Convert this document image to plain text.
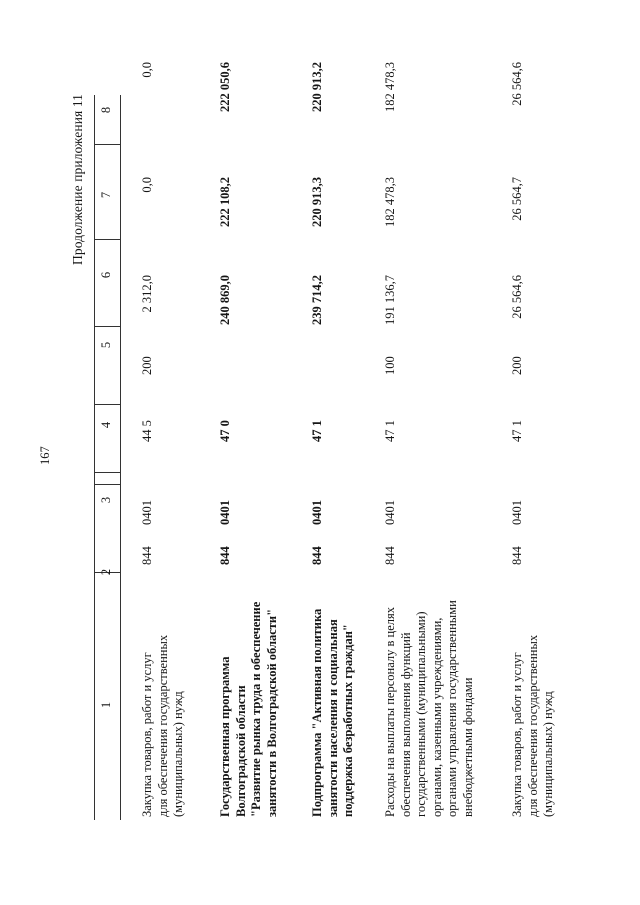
167
Продолжение приложения 11
1
2
3
4
5
6
7
8
Закупка товаров, работ и услуг для обеспечения государственных (муниципальных) нужд
844
0401
44 5
200
2 312,0
0,0
0,0
Государственная программа Волгоградской области "Развитие рынка труда и обеспечение занятости в Волгоградской области"
844
0401
47 0
240 869,0
222 108,2
222 050,6
Подпрограмма "Активная политика занятости населения и социальная поддержка безработных граждан"
844
0401
47 1
239 714,2
220 913,3
220 913,2
Расходы на выплаты персоналу в целях обеспечения выполнения функций государственными (муниципальными) органами, казенными учреждениями, органами управления государственными внебюджетными фондами
844
0401
47 1
100
191 136,7
182 478,3
182 478,3
Закупка товаров, работ и услуг для обеспечения государственных (муниципальных) нужд
844
0401
47 1
200
26 564,6
26 564,7
26 564,6
